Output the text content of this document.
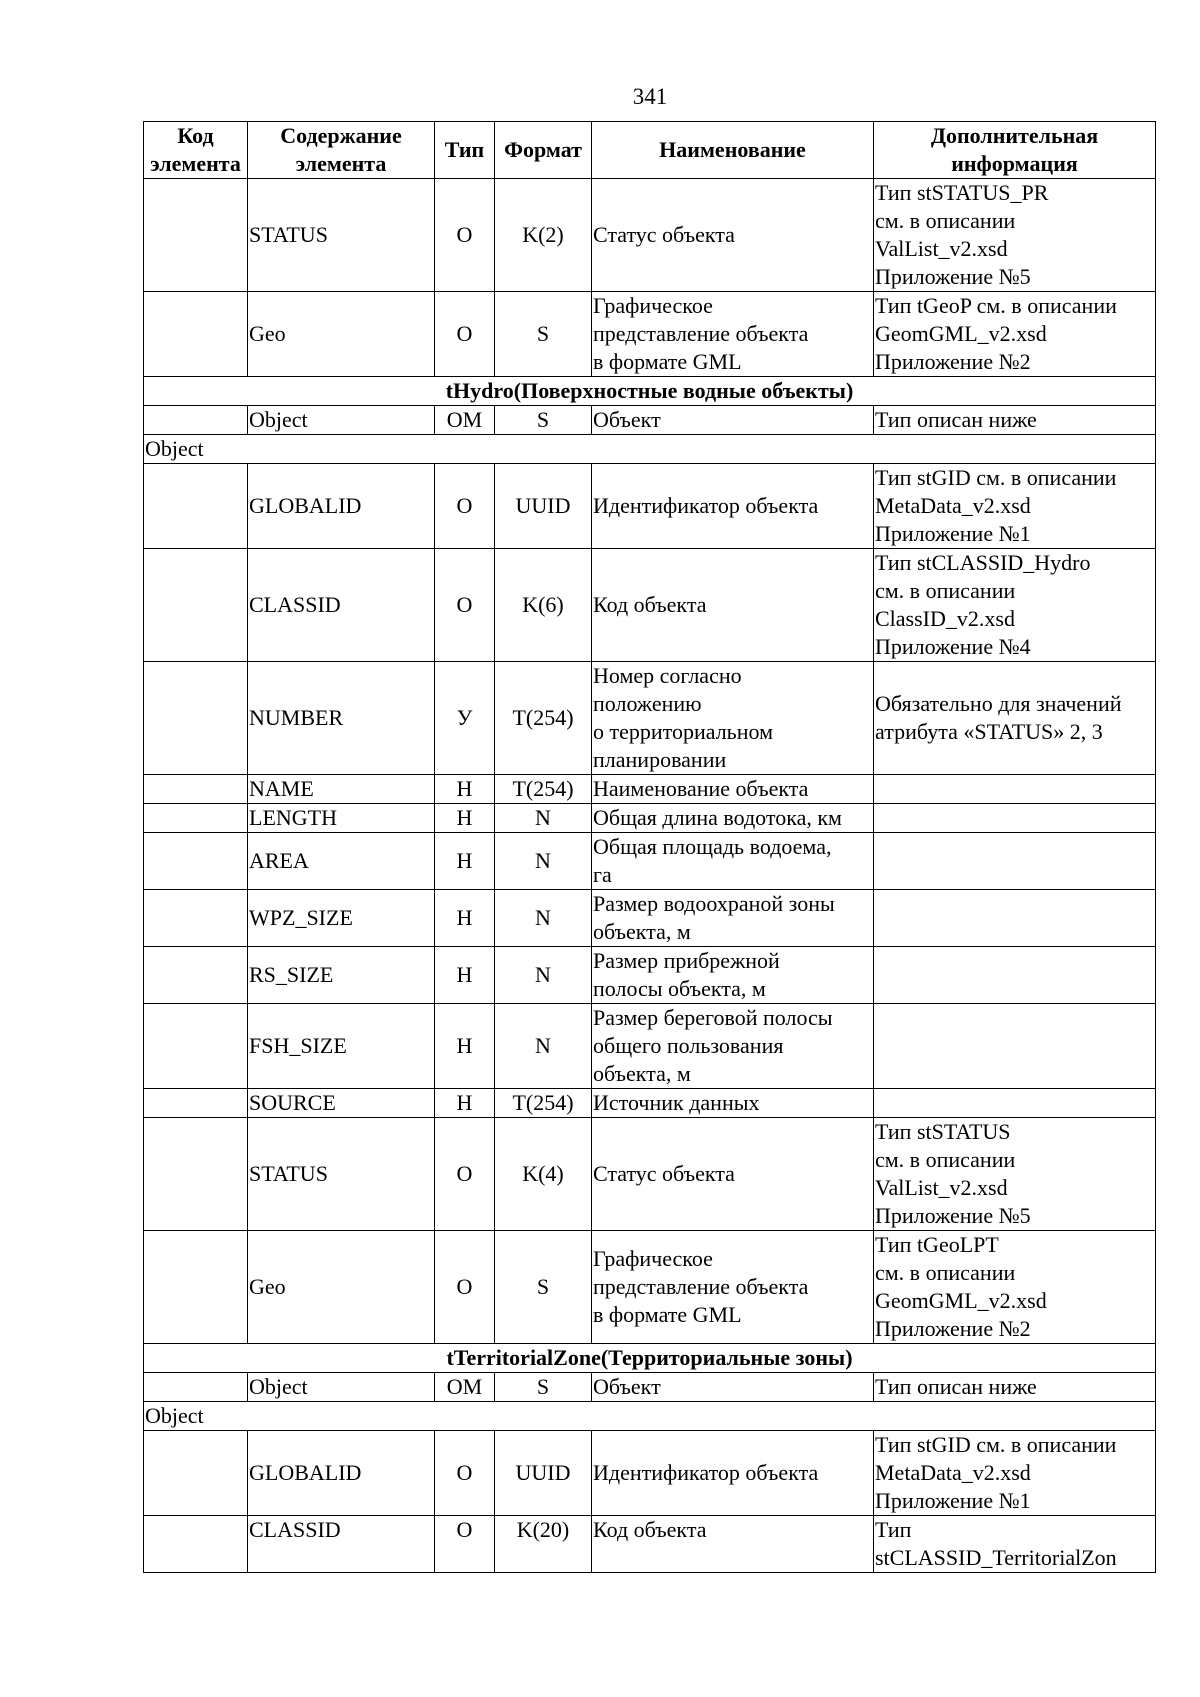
341
Код элемента	Содержание элемента	Тип	Формат	Наименование	Дополнительная информация
	STATUS	O	K(2)	Статус объекта	Тип stSTATUS_PR
см. в описании
ValList_v2.xsd
Приложение №5
	Geo	O	S	Графическое
представление объекта
в формате GML	Тип tGeoP см. в описании
GeomGML_v2.xsd
Приложение №2
tHydro(Поверхностные водные объекты)					
	Object	OM	S	Объект	Тип описан ниже
Object					
	GLOBALID	O	UUID	Идентификатор объекта	Тип stGID см. в описании
MetaData_v2.xsd
Приложение №1
	CLASSID	O	K(6)	Код объекта	Тип stCLASSID_Hydro
см. в описании
ClassID_v2.xsd
Приложение №4
	NUMBER	У	T(254)	Номер согласно
положению
о территориальном
планировании	Обязательно для значений
атрибута «STATUS» 2, 3
	NAME	Н	T(254)	Наименование объекта	
	LENGTH	Н	N	Общая длина водотока, км	
	AREA	Н	N	Общая площадь водоема,
га	
	WPZ_SIZE	Н	N	Размер водоохраной зоны
объекта, м	
	RS_SIZE	Н	N	Размер прибрежной
полосы объекта, м	
	FSH_SIZE	Н	N	Размер береговой полосы
общего пользования
объекта, м	
	SOURCE	Н	T(254)	Источник данных	
	STATUS	O	K(4)	Статус объекта	Тип stSTATUS
см. в описании
ValList_v2.xsd
Приложение №5
	Geo	O	S	Графическое
представление объекта
в формате GML	Тип tGeoLPT
см. в описании
GeomGML_v2.xsd
Приложение №2
tTerritorialZone(Территориальные зоны)					
	Object	OM	S	Объект	Тип описан ниже
Object					
	GLOBALID	O	UUID	Идентификатор объекта	Тип stGID см. в описании
MetaData_v2.xsd
Приложение №1
	CLASSID	O	K(20)	Код объекта	Тип
stCLASSID_TerritorialZon
